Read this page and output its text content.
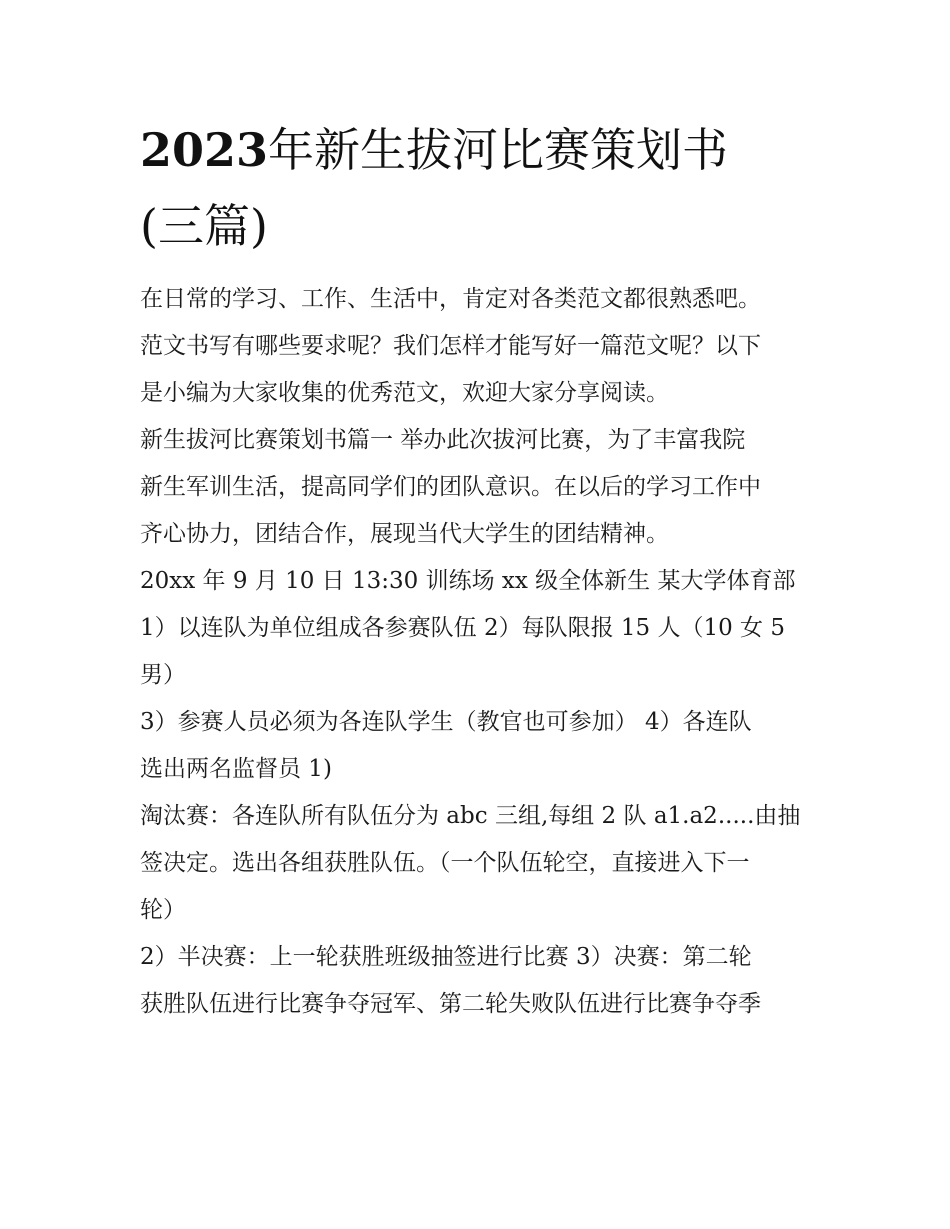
2023年新生拔河比赛策划书
(三篇)
在日常的学习、工作、生活中，肯定对各类范文都很熟悉吧。
范文书写有哪些要求呢？我们怎样才能写好一篇范文呢？以下
是小编为大家收集的优秀范文，欢迎大家分享阅读。
新生拔河比赛策划书篇一 举办此次拔河比赛，为了丰富我院
新生军训生活，提高同学们的团队意识。在以后的学习工作中
齐心协力，团结合作，展现当代大学生的团结精神。
20xx 年 9 月 10 日 13:30 训练场 xx 级全体新生 某大学体育部
1）以连队为单位组成各参赛队伍 2）每队限报 15 人（10 女 5
男）
3）参赛人员必须为各连队学生（教官也可参加） 4）各连队
选出两名监督员 1)
淘汰赛：各连队所有队伍分为 abc 三组,每组 2 队 a1.a2.....由抽
签决定。选出各组获胜队伍。（一个队伍轮空，直接进入下一
轮）
2）半决赛：上一轮获胜班级抽签进行比赛 3）决赛：第二轮
获胜队伍进行比赛争夺冠军、第二轮失败队伍进行比赛争夺季
